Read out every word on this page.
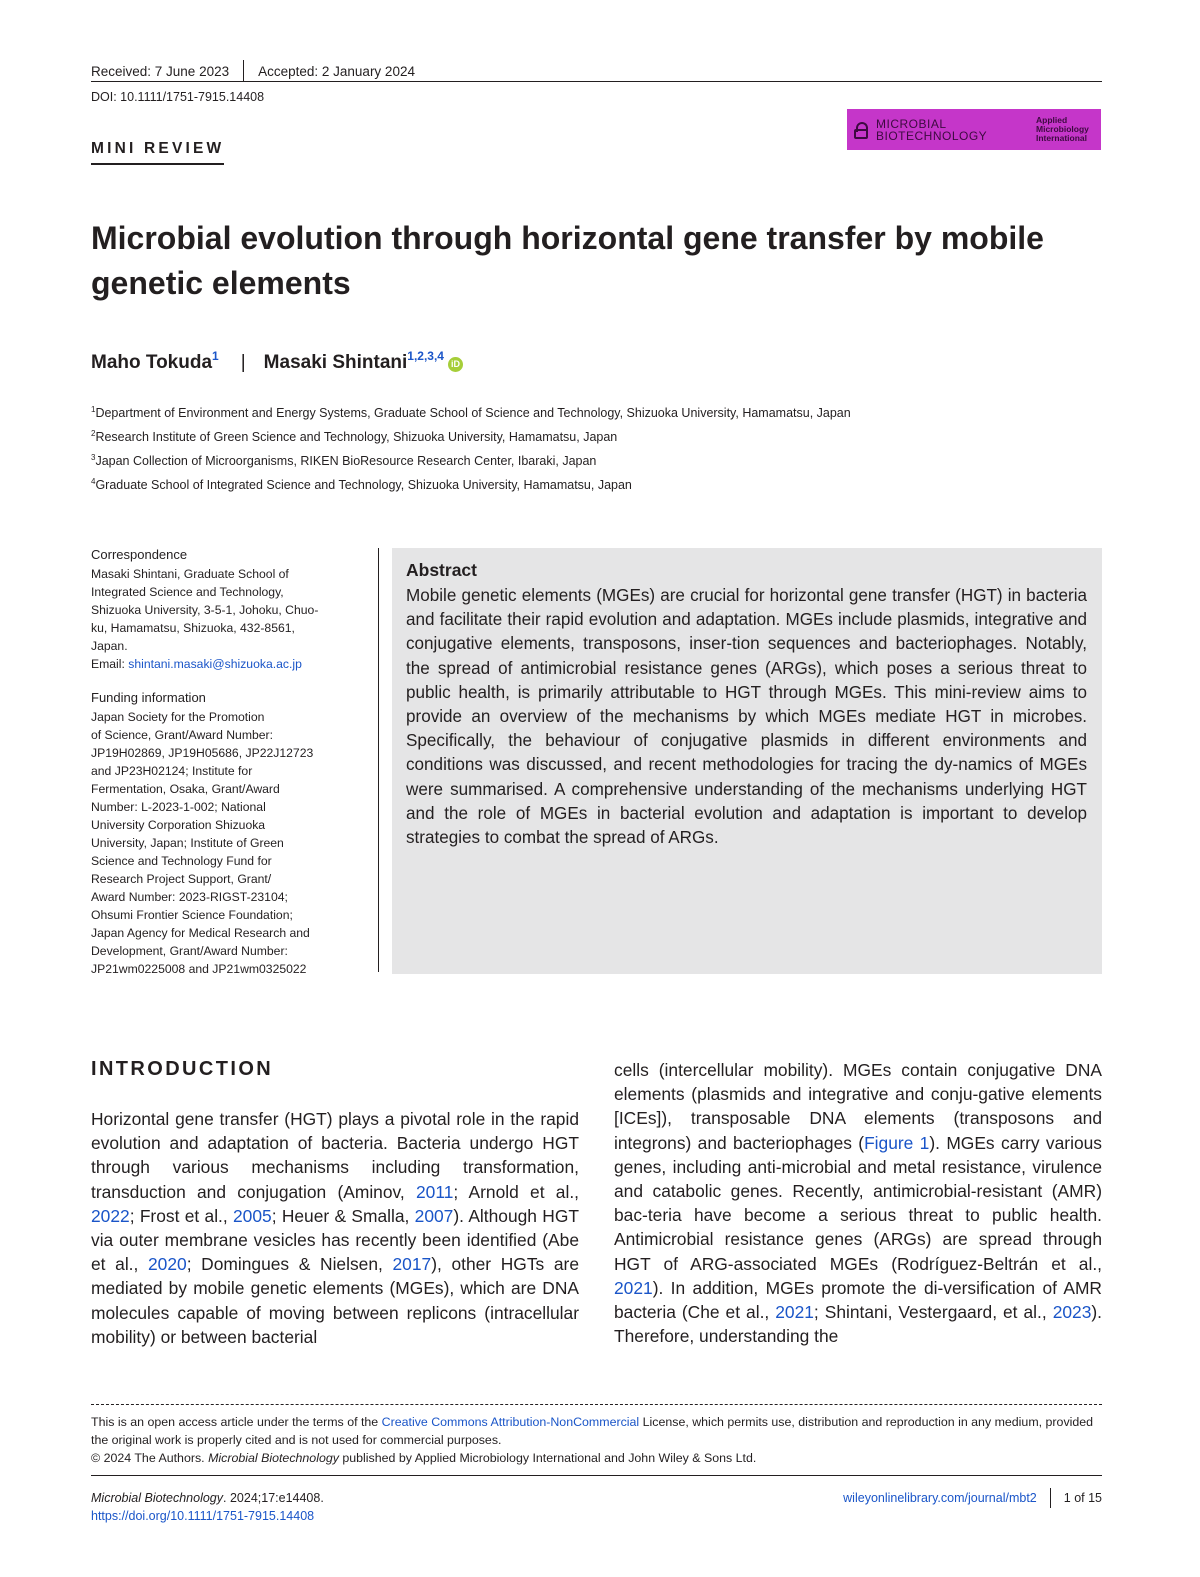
Received: 7 June 2023 Accepted: 2 January 2024
DOI: 10.1111/1751-7915.14408
MINI REVIEW
MICROBIAL
BIOTECHNOLOGY
Applied
Microbiology
International
Microbial evolution through horizontal gene transfer by mobile genetic elements
Maho Tokuda$^1$ | Masaki Shintani$^{1,2,3,4}$
iD
$^1$Department of Environment and Energy Systems, Graduate School of Science and Technology, Shizuoka University, Hamamatsu, Japan
$^2$Research Institute of Green Science and Technology, Shizuoka University, Hamamatsu, Japan
$^3$Japan Collection of Microorganisms, RIKEN BioResource Research Center, Ibaraki, Japan
$^4$Graduate School of Integrated Science and Technology, Shizuoka University, Hamamatsu, Japan
Correspondence
Masaki Shintani, Graduate School of
Integrated Science and Technology,
Shizuoka University, 3-5-1, Johoku, Chuo-
ku, Hamamatsu, Shizuoka, 432-8561,
Japan.
Email: shintani.masaki@shizuoka.ac.jp
Funding information
Japan Society for the Promotion
of Science, Grant/Award Number:
JP19H02869, JP19H05686, JP22J12723
and JP23H02124; Institute for
Fermentation, Osaka, Grant/Award
Number: L-2023-1-002; National
University Corporation Shizuoka
University, Japan; Institute of Green
Science and Technology Fund for
Research Project Support, Grant/
Award Number: 2023-RIGST-23104;
Ohsumi Frontier Science Foundation;
Japan Agency for Medical Research and
Development, Grant/Award Number:
JP21wm0225008 and JP21wm0325022
Abstract
Mobile genetic elements (MGEs) are crucial for horizontal gene transfer (HGT) in bacteria and facilitate their rapid evolution and adaptation. MGEs include plasmids, integrative and conjugative elements, transposons, inser-tion sequences and bacteriophages. Notably, the spread of antimicrobial resistance genes (ARGs), which poses a serious threat to public health, is primarily attributable to HGT through MGEs. This mini-review aims to provide an overview of the mechanisms by which MGEs mediate HGT in microbes. Specifically, the behaviour of conjugative plasmids in different environments and conditions was discussed, and recent methodologies for tracing the dy-namics of MGEs were summarised. A comprehensive understanding of the mechanisms underlying HGT and the role of MGEs in bacterial evolution and adaptation is important to develop strategies to combat the spread of ARGs.
INTRODUCTION
Horizontal gene transfer (HGT) plays a pivotal role in the rapid evolution and adaptation of bacteria. Bacteria undergo HGT through various mechanisms including transformation, transduction and conjugation (Aminov, 2011; Arnold et al., 2022; Frost et al., 2005; Heuer & Smalla, 2007). Although HGT via outer membrane vesicles has recently been identified (Abe et al., 2020; Domingues & Nielsen, 2017), other HGTs are mediated by mobile genetic elements (MGEs), which are DNA molecules capable of moving between replicons (intracellular mobility) or between bacterial
cells (intercellular mobility). MGEs contain conjugative DNA elements (plasmids and integrative and conju-gative elements [ICEs]), transposable DNA elements (transposons and integrons) and bacteriophages (Figure 1). MGEs carry various genes, including anti-microbial and metal resistance, virulence and catabolic genes. Recently, antimicrobial-resistant (AMR) bac-teria have become a serious threat to public health. Antimicrobial resistance genes (ARGs) are spread through HGT of ARG-associated MGEs (Rodríguez-Beltrán et al., 2021). In addition, MGEs promote the di-versification of AMR bacteria (Che et al., 2021; Shintani, Vestergaard, et al., 2023). Therefore, understanding the
This is an open access article under the terms of the Creative Commons Attribution-NonCommercial License, which permits use, distribution and reproduction in any medium, provided the original work is properly cited and is not used for commercial purposes.
© 2024 The Authors. Microbial Biotechnology published by Applied Microbiology International and John Wiley & Sons Ltd.
Microbial Biotechnology. 2024;17:e14408.
https://doi.org/10.1111/1751-7915.14408
wileyonlinelibrary.com/journal/mbt2 1 of 15
